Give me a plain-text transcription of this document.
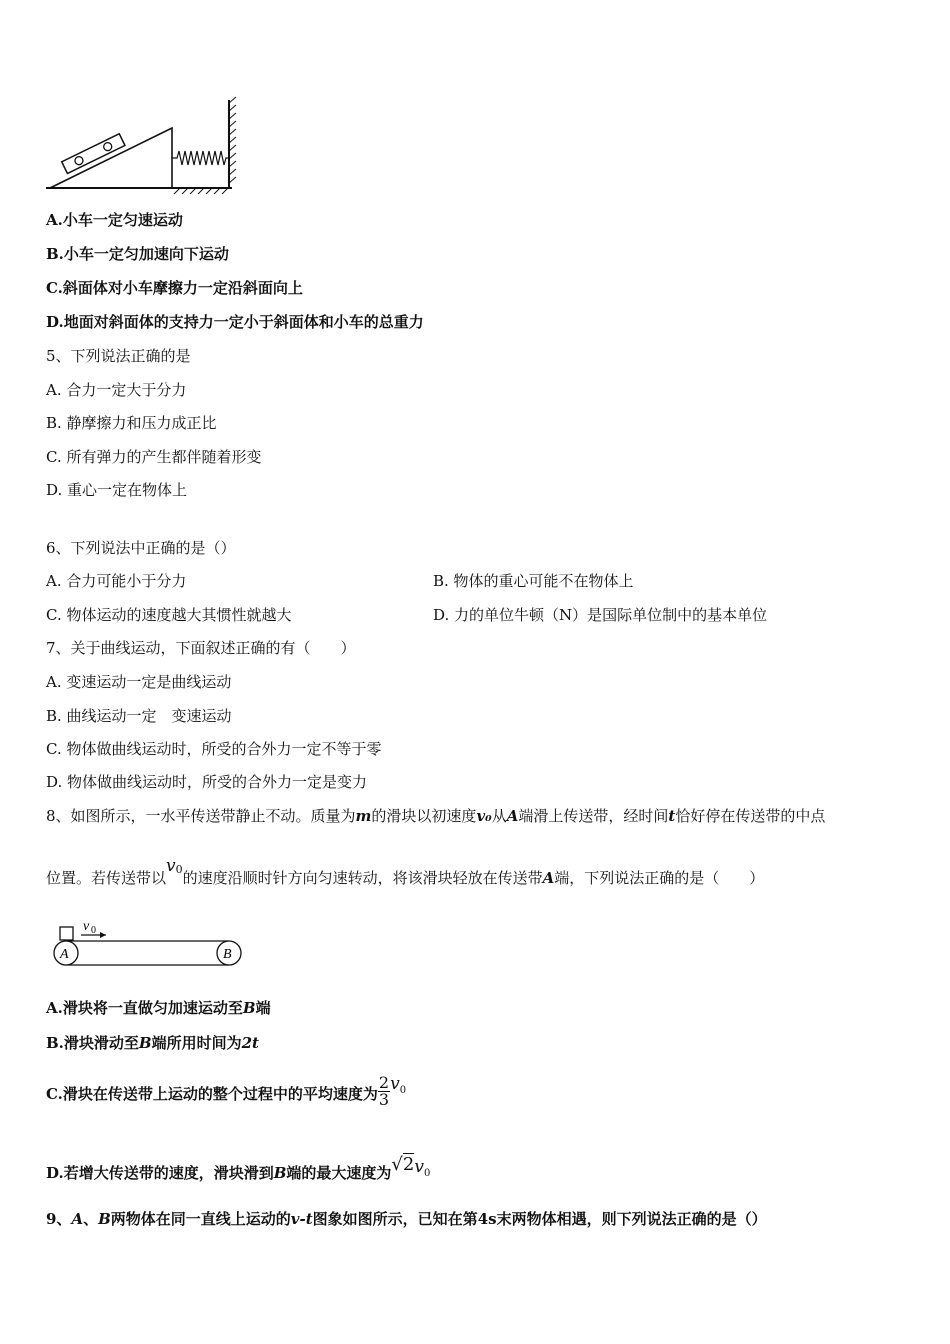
A.小车一定匀速运动
B.小车一定匀加速向下运动
C.斜面体对小车摩擦力一定沿斜面向上
D.地面对斜面体的支持力一定小于斜面体和小车的总重力
5、下列说法正确的是
A. 合力一定大于分力
B. 静摩擦力和压力成正比
C. 所有弹力的产生都伴随着形变
D. 重心一定在物体上
6、下列说法中正确的是（）
A. 合力可能小于分力	B. 物体的重心可能不在物体上
C. 物体运动的速度越大其惯性就越大	D. 力的单位牛顿（N）是国际单位制中的基本单位
7、关于曲线运动，下面叙述正确的有（　　）
A. 变速运动一定是曲线运动
B. 曲线运动一定　变速运动
C. 物体做曲线运动时，所受的合外力一定不等于零
D. 物体做曲线运动时，所受的合外力一定是变力
8、如图所示，一水平传送带静止不动。质量为m的滑块以初速度v₀从A端滑上传送带，经时间t恰好停在传送带的中点
位置。若传送带以$v^0$的速度沿顺时针方向匀速转动，将该滑块轻放在传送带A端，下列说法正确的是（　　）
v 0
A	B
A.滑块将一直做匀加速运动至B端
B.滑块滑动至B端所用时间为2t
C.滑块在传送带上运动的整个过程中的平均速度为 $\frac{2}{3} v^0$
D.若增大传送带的速度，滑块滑到B端的最大速度为√2v0
9、A、B两物体在同一直线上运动的v-t图象如图所示，已知在第4s末两物体相遇，则下列说法正确的是（）
